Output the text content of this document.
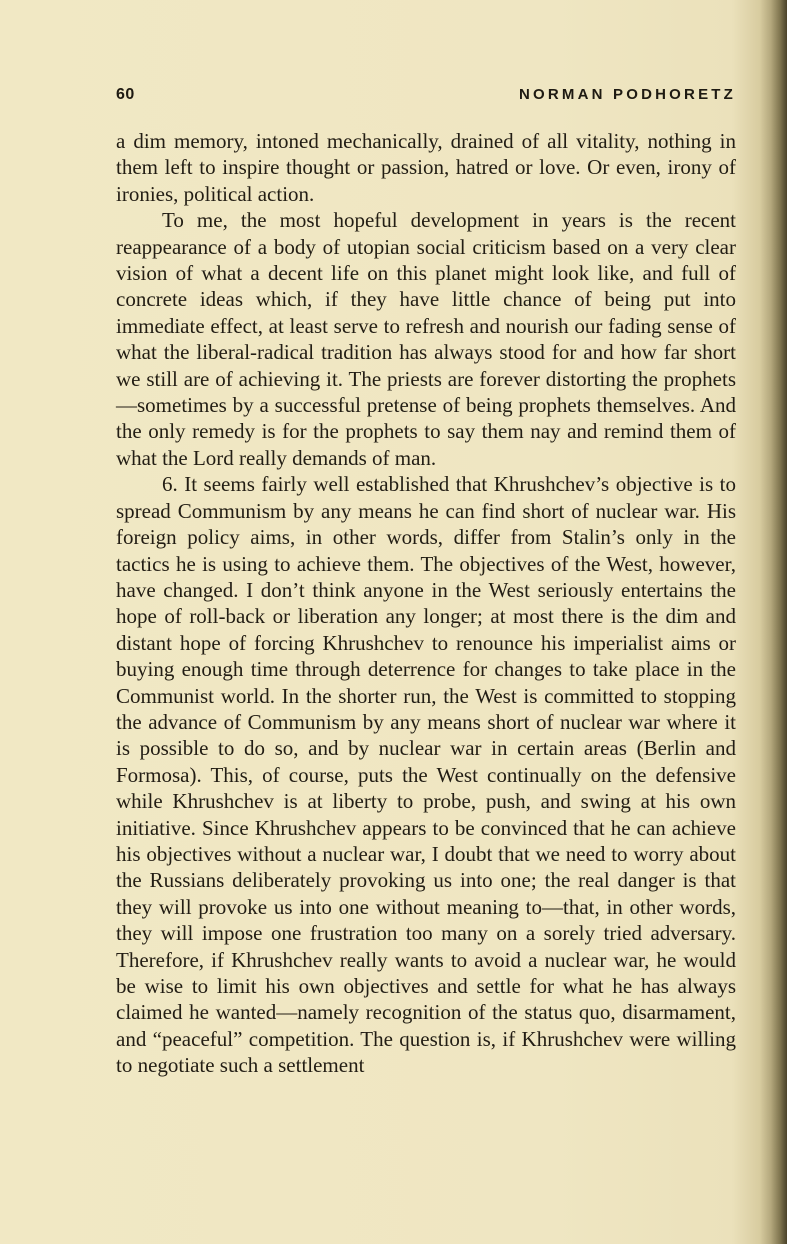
60	NORMAN PODHORETZ

a dim memory, intoned mechanically, drained of all vitality, nothing in them left to inspire thought or passion, hatred or love. Or even, irony of ironies, political action.

To me, the most hopeful development in years is the recent reappearance of a body of utopian social criticism based on a very clear vision of what a decent life on this planet might look like, and full of concrete ideas which, if they have little chance of being put into immediate effect, at least serve to refresh and nourish our fading sense of what the liberal-radical tradition has always stood for and how far short we still are of achieving it. The priests are forever distorting the prophets—sometimes by a successful pretense of being prophets themselves. And the only remedy is for the prophets to say them nay and remind them of what the Lord really demands of man.

6. It seems fairly well established that Khrushchev’s objective is to spread Communism by any means he can find short of nuclear war. His foreign policy aims, in other words, differ from Stalin’s only in the tactics he is using to achieve them. The objectives of the West, however, have changed. I don’t think anyone in the West seriously entertains the hope of roll-back or liberation any longer; at most there is the dim and distant hope of forcing Khrushchev to renounce his imperialist aims or buying enough time through deterrence for changes to take place in the Communist world. In the shorter run, the West is committed to stopping the advance of Communism by any means short of nuclear war where it is possible to do so, and by nuclear war in certain areas (Berlin and Formosa). This, of course, puts the West continually on the defensive while Khrushchev is at liberty to probe, push, and swing at his own initiative. Since Khrushchev appears to be convinced that he can achieve his objectives without a nuclear war, I doubt that we need to worry about the Russians deliberately provoking us into one; the real danger is that they will provoke us into one without meaning to—that, in other words, they will impose one frustration too many on a sorely tried adversary. Therefore, if Khrushchev really wants to avoid a nuclear war, he would be wise to limit his own objectives and settle for what he has always claimed he wanted—namely recognition of the status quo, disarmament, and “peaceful” competition. The question is, if Khrushchev were willing to negotiate such a settlement
